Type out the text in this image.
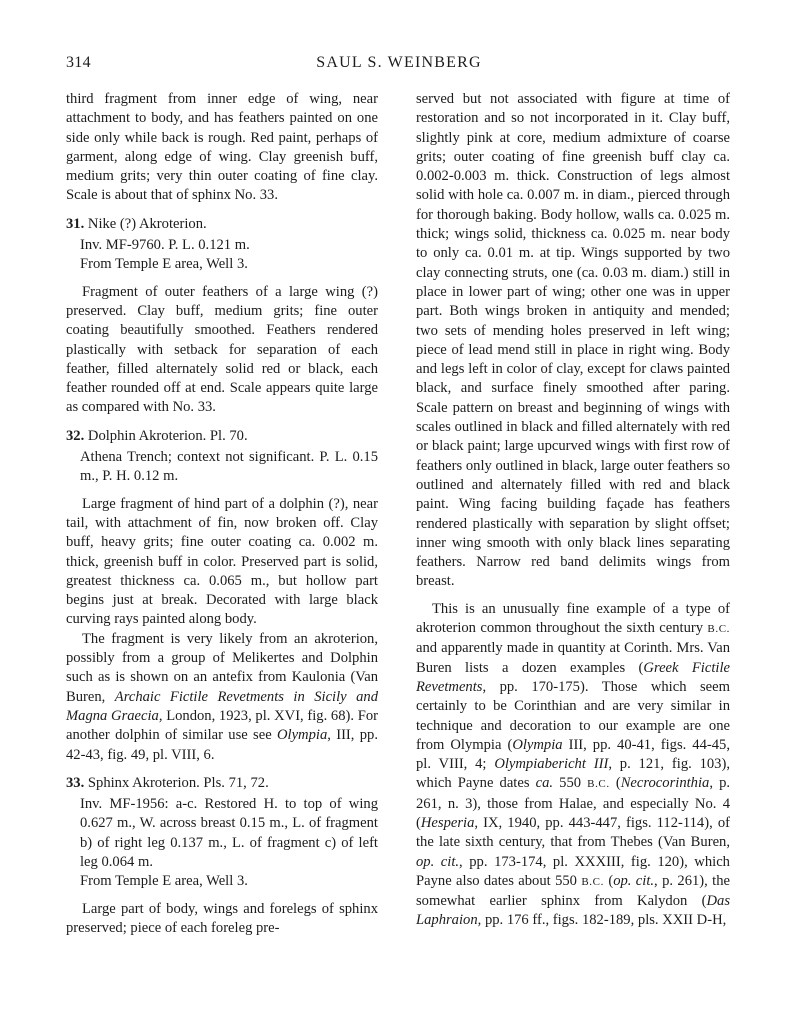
314	SAUL S. WEINBERG

third fragment from inner edge of wing, near attachment to body, and has feathers painted on one side only while back is rough. Red paint, perhaps of garment, along edge of wing. Clay greenish buff, medium grits; very thin outer coating of fine clay. Scale is about that of sphinx No. 33.

31. Nike (?) Akroterion.

Inv. MF-9760. P. L. 0.121 m.

From Temple E area, Well 3.

Fragment of outer feathers of a large wing (?) preserved. Clay buff, medium grits; fine outer coating beautifully smoothed. Feathers rendered plastically with setback for separation of each feather, filled alternately solid red or black, each feather rounded off at end. Scale appears quite large as compared with No. 33.

32. Dolphin Akroterion. Pl. 70.

Athena Trench; context not significant. P. L. 0.15 m., P. H. 0.12 m.

Large fragment of hind part of a dolphin (?), near tail, with attachment of fin, now broken off. Clay buff, heavy grits; fine outer coating ca. 0.002 m. thick, greenish buff in color. Preserved part is solid, greatest thickness ca. 0.065 m., but hollow part begins just at break. Decorated with large black curving rays painted along body.

The fragment is very likely from an akroterion, possibly from a group of Melikertes and Dolphin such as is shown on an antefix from Kaulonia (Van Buren, Archaic Fictile Revetments in Sicily and Magna Graecia, London, 1923, pl. XVI, fig. 68). For another dolphin of similar use see Olympia, III, pp. 42-43, fig. 49, pl. VIII, 6.

33. Sphinx Akroterion. Pls. 71, 72.

Inv. MF-1956: a-c. Restored H. to top of wing 0.627 m., W. across breast 0.15 m., L. of fragment b) of right leg 0.137 m., L. of fragment c) of left leg 0.064 m.

From Temple E area, Well 3.

Large part of body, wings and forelegs of sphinx preserved; piece of each foreleg pre-

served but not associated with figure at time of restoration and so not incorporated in it. Clay buff, slightly pink at core, medium admixture of coarse grits; outer coating of fine greenish buff clay ca. 0.002-0.003 m. thick. Construction of legs almost solid with hole ca. 0.007 m. in diam., pierced through for thorough baking. Body hollow, walls ca. 0.025 m. thick; wings solid, thickness ca. 0.025 m. near body to only ca. 0.01 m. at tip. Wings supported by two clay connecting struts, one (ca. 0.03 m. diam.) still in place in lower part of wing; other one was in upper part. Both wings broken in antiquity and mended; two sets of mending holes preserved in left wing; piece of lead mend still in place in right wing. Body and legs left in color of clay, except for claws painted black, and surface finely smoothed after paring. Scale pattern on breast and beginning of wings with scales outlined in black and filled alternately with red or black paint; large upcurved wings with first row of feathers only outlined in black, large outer feathers so outlined and alternately filled with red and black paint. Wing facing building façade has feathers rendered plastically with separation by slight offset; inner wing smooth with only black lines separating feathers. Narrow red band delimits wings from breast.

This is an unusually fine example of a type of akroterion common throughout the sixth century B.C. and apparently made in quantity at Corinth. Mrs. Van Buren lists a dozen examples (Greek Fictile Revetments, pp. 170-175). Those which seem certainly to be Corinthian and are very similar in technique and decoration to our example are one from Olympia (Olympia III, pp. 40-41, figs. 44-45, pl. VIII, 4; Olympiabericht III, p. 121, fig. 103), which Payne dates ca. 550 B.C. (Necrocorinthia, p. 261, n. 3), those from Halae, and especially No. 4 (Hesperia, IX, 1940, pp. 443-447, figs. 112-114), of the late sixth century, that from Thebes (Van Buren, op. cit., pp. 173-174, pl. XXXIII, fig. 120), which Payne also dates about 550 B.C. (op. cit., p. 261), the somewhat earlier sphinx from Kalydon (Das Laphraion, pp. 176 ff., figs. 182-189, pls. XXII D-H,
